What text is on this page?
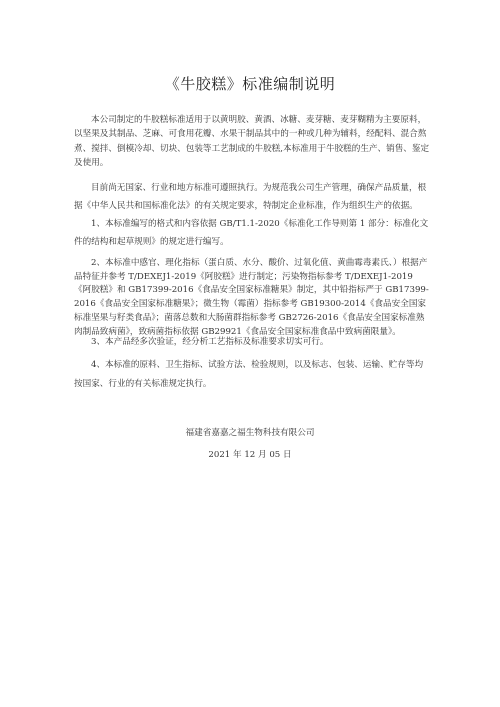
《牛胶糕》标准编制说明
本公司制定的牛胶糕标准适用于以黄明胶、黄酒、冰糖、麦芽糖、麦芽糊精为主要原料，以坚果及其制品、芝麻、可食用花瓣、水果干制品其中的一种或几种为辅料，经配料、混合熬煮、搅拌、倒模冷却、切块、包装等工艺制成的牛胶糕,本标准用于牛胶糕的生产、销售、鉴定及使用。
目前尚无国家、行业和地方标准可遵照执行。为规范我公司生产管理，确保产品质量，根据《中华人民共和国标准化法》的有关规定要求，特制定企业标准，作为组织生产的依据。
1、本标准编写的格式和内容依据 GB/T1.1-2020《标准化工作导则第 1 部分：标准化文件的结构和起草规则》的规定进行编写。
2、本标准中感官、理化指标（蛋白质、水分、酸价、过氧化值、黄曲霉毒素氏、）根据产品特征并参考 T/DEXEJ1-2019《阿胶糕》进行制定；污染物指标参考 T/DEXEJ1-2019《阿胶糕》和 GB17399-2016《食品安全国家标准糖果》制定，其中铅指标严于 GB17399-2016《食品安全国家标准糖果》；微生物（霉菌）指标参考 GB19300-2014《食品安全国家标准坚果与籽类食品》；菌落总数和大肠菌群指标参考 GB2726-2016《食品安全国家标准熟肉制品致病菌》，致病菌指标依据 GB29921《食品安全国家标准食品中致病菌限量》。
3、本产品经多次验证，经分析工艺指标及标准要求切实可行。
4、本标准的原料、卫生指标、试验方法、检验规则，以及标志、包装、运输、贮存等均按国家、行业的有关标准规定执行。
福建省嘉嘉之福生物科技有限公司
2021 年 12 月 05 日
